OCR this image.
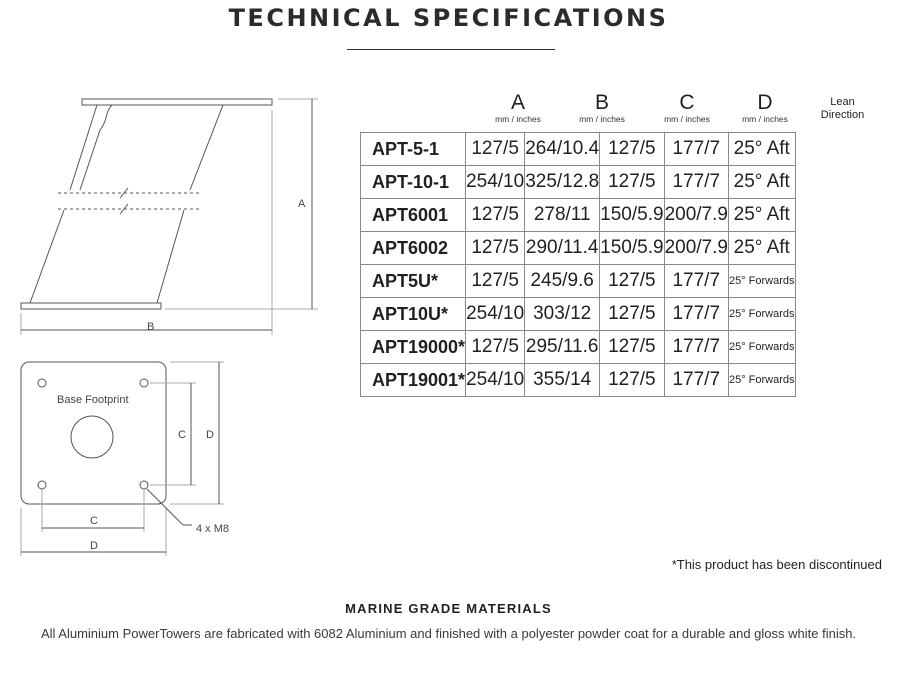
TECHNICAL SPECIFICATIONS
A
B
Base Footprint
C D
C
D
4 x M8
A
mm / inches
B
mm / inches
C
mm / inches
D
mm / inches
Lean
Direction
APT-5-1	127/5	264/10.4	127/5	177/7	25° Aft
APT-10-1	254/10	325/12.8	127/5	177/7	25° Aft
APT6001	127/5	278/11	150/5.9	200/7.9	25° Aft
APT6002	127/5	290/11.4	150/5.9	200/7.9	25° Aft
APT5U*	127/5	245/9.6	127/5	177/7	25° Forwards
APT10U*	254/10	303/12	127/5	177/7	25° Forwards
APT19000*	127/5	295/11.6	127/5	177/7	25° Forwards
APT19001*	254/10	355/14	127/5	177/7	25° Forwards
*This product has been discontinued
MARINE GRADE MATERIALS
All Aluminium PowerTowers are fabricated with 6082 Aluminium and finished with a polyester powder coat for a durable and gloss white finish.
